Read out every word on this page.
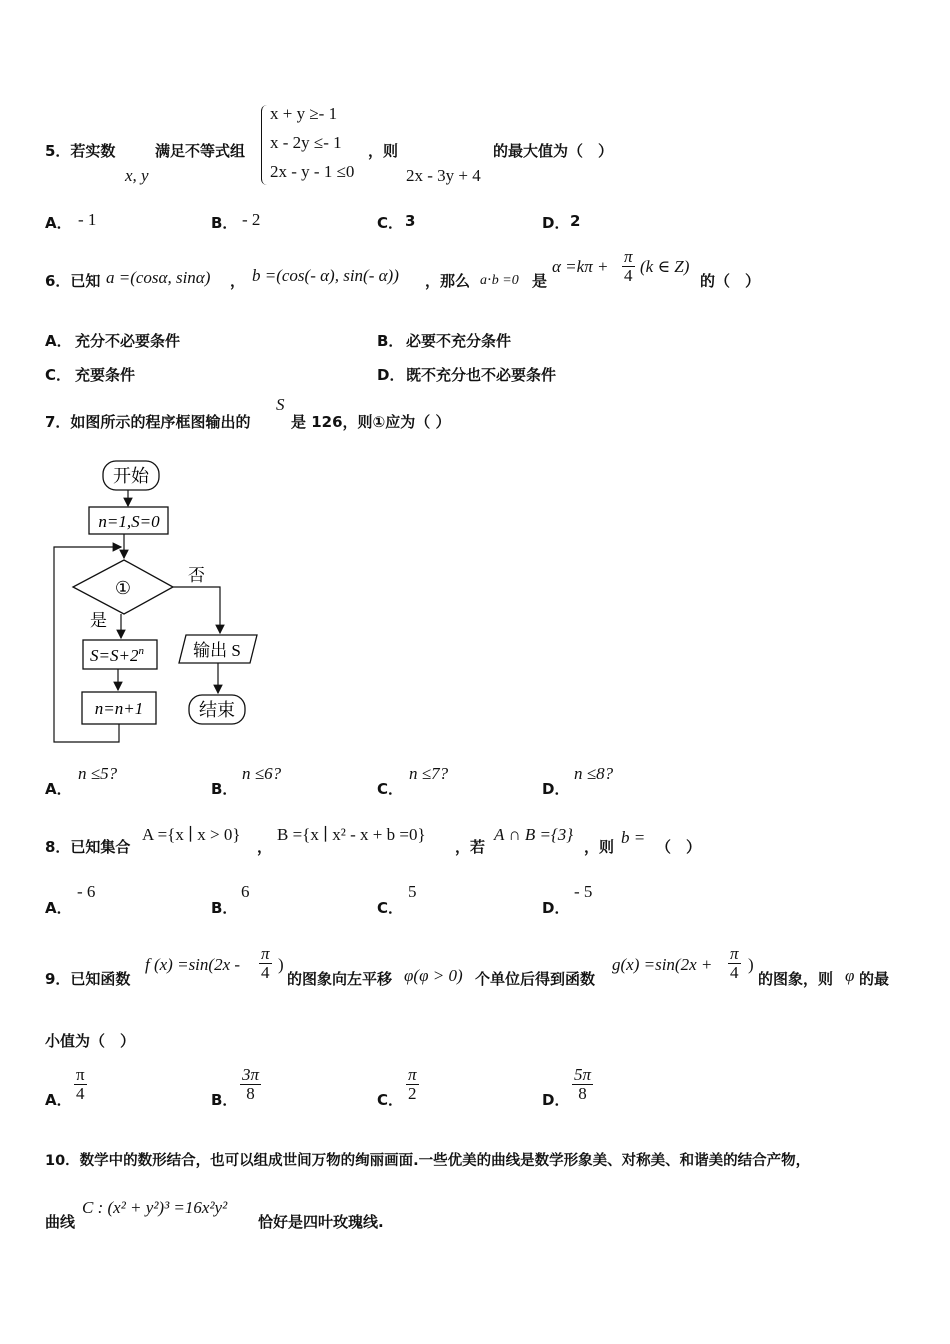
5．若实数
x, y
满足不等式组
x + y ≥- 1
x - 2y ≤- 1
2x - y - 1 ≤0
，则
2x - 3y + 4
的最大值为（　）
A． - 1	B． - 2	C． 3	D． 2
6．已知 a =(cosα, sinα) ， b =(cos(- α), sin(- α)) ，那么 a⋅b =0 是
$\alpha =k\pi + \frac{\pi}{4} (k$ ∈ Z)
的（　）
A． 充分不必要条件	B． 必要不充分条件
C． 充要条件	D． 既不充分也不必要条件
7．如图所示的程序框图输出的
S
是 126，则①应为（ ）
开始
n=1,S=0
①
否
输出 S
结束
是
$S=S+2^n$
n=n+1
A．
n ≤5?
B．
n ≤6?
C．
n ≤7?
D．
n ≤8?
8．已知集合
A ={x ∣ x > 0}
，
B ={x ∣ x² - x + b =0}
，若
A ∩ B ={3}
，则 b = （　）
A．
- 6
B．
6
C．
5
D．
- 5
9．已知函数
f $(x) =\sin(2x - \frac{\pi}{4}$ )
的图象向左平移 φ(φ > 0) 个单位后得到函数
$g(x) =\sin(2x + \frac{\pi}{4}$ )
的图象，则 φ 的最
小值为（　）
A． $\frac{\pi}{4}$	B． $\frac{3\pi}{8}$	C． $\frac{\pi}{2}$	D． $\frac{5\pi}{8}$
10．数学中的数形结合，也可以组成世间万物的绚丽画面.一些优美的曲线是数学形象美、对称美、和谐美的结合产物，
曲线
C : (x² + y²)³ =16x²y²
恰好是四叶玫瑰线.
